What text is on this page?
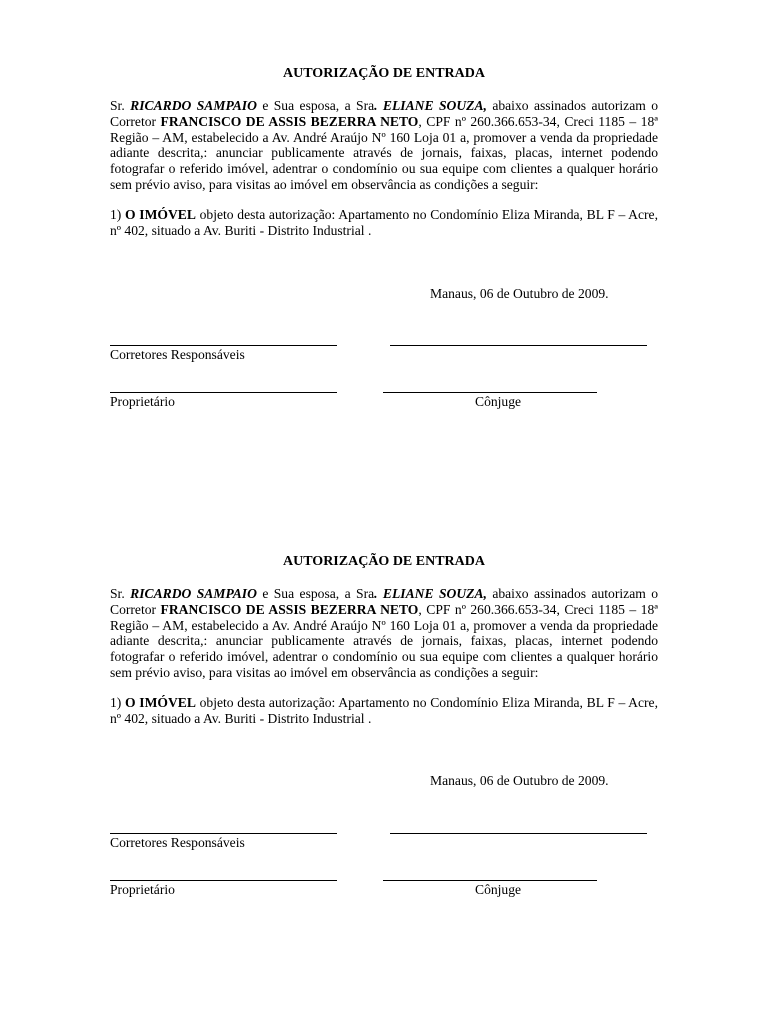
AUTORIZAÇÃO DE ENTRADA

Sr. RICARDO SAMPAIO e Sua esposa, a Sra. ELIANE SOUZA, abaixo assinados autorizam o Corretor FRANCISCO DE ASSIS BEZERRA NETO, CPF nº 260.366.653-34, Creci 1185 – 18ª Região – AM, estabelecido a Av. André Araújo Nº 160 Loja 01 a, promover a venda da propriedade adiante descrita,: anunciar publicamente através de jornais, faixas, placas, internet podendo fotografar o referido imóvel, adentrar o condomínio ou sua equipe com clientes a qualquer horário sem prévio aviso, para visitas ao imóvel em observância as condições a seguir:

1) O IMÓVEL objeto desta autorização: Apartamento no Condomínio Eliza Miranda, BL F – Acre, nº 402, situado a Av. Buriti - Distrito Industrial .

Manaus, 06 de Outubro de 2009.
Corretores Responsáveis
Proprietário	Cônjuge
AUTORIZAÇÃO DE ENTRADA

Sr. RICARDO SAMPAIO e Sua esposa, a Sra. ELIANE SOUZA, abaixo assinados autorizam o Corretor FRANCISCO DE ASSIS BEZERRA NETO, CPF nº 260.366.653-34, Creci 1185 – 18ª Região – AM, estabelecido a Av. André Araújo Nº 160 Loja 01 a, promover a venda da propriedade adiante descrita,: anunciar publicamente através de jornais, faixas, placas, internet podendo fotografar o referido imóvel, adentrar o condomínio ou sua equipe com clientes a qualquer horário sem prévio aviso, para visitas ao imóvel em observância as condições a seguir:

1) O IMÓVEL objeto desta autorização: Apartamento no Condomínio Eliza Miranda, BL F – Acre, nº 402, situado a Av. Buriti - Distrito Industrial .

Manaus, 06 de Outubro de 2009.
Corretores Responsáveis
Proprietário	Cônjuge
